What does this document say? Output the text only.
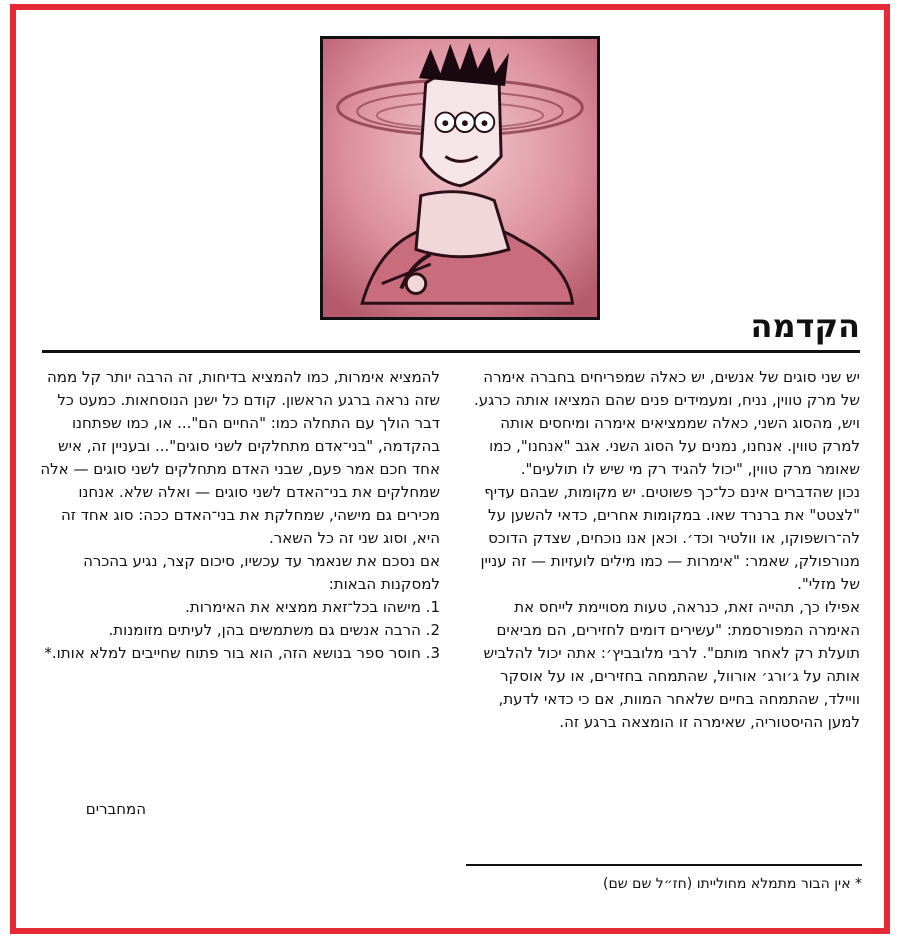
הקדמה

יש שני סוגים של אנשים, יש כאלה שמפריחים בחברה אימרה של מרק טווין, נניח, ומעמידים פנים שהם המציאו אותה כרגע.

ויש, מהסוג השני, כאלה שממציאים אימרה ומיחסים אותה למרק טווין. אנחנו, נמנים על הסוג השני. אגב "אנחנו", כמו שאומר מרק טווין, "יכול להגיד רק מי שיש לו תולעים".

נכון שהדברים אינם כל־כך פשוטים. יש מקומות, שבהם עדיף "לצטט" את ברנרד שאו. במקומות אחרים, כדאי להשען על לה־רושפוקו, או וולטיר וכד׳. וכאן אנו נוכחים, שצדק הדוכס מנורפולק, שאמר: "אימרות — כמו מילים לועזיות — זה עניין של מזלי".

אפילו כך, תהייה זאת, כנראה, טעות מסויימת לייחס את האימרה המפורסמת: "עשירים דומים לחזירים, הם מביאים תועלת רק לאחר מותם". לרבי מלובביץ׳: אתה יכול להלביש אותה על ג׳ורג׳ אורוול, שהתמחה בחזירים, או על אוסקר וויילד, שהתמחה בחיים שלאחר המוות, אם כי כדאי לדעת, למען ההיסטוריה, שאימרה זו הומצאה ברגע זה.

להמציא אימרות, כמו להמציא בדיחות, זה הרבה יותר קל ממה שזה נראה ברגע הראשון. קודם כל ישנן הנוסחאות. כמעט כל דבר הולך עם התחלה כמו: "החיים הם"... או, כמו שפתחנו בהקדמה, "בני־אדם מתחלקים לשני סוגים"... ובעניין זה, איש אחד חכם אמר פעם, שבני האדם מתחלקים לשני סוגים — אלה שמחלקים את בני־האדם לשני סוגים — ואלה שלא. אנחנו מכירים גם מישהי, שמחלקת את בני־האדם ככה: סוג אחד זה היא, וסוג שני זה כל השאר.

אם נסכם את שנאמר עד עכשיו, סיכום קצר, נגיע בהכרה למסקנות הבאות:

1. מישהו בכל־זאת ממציא את האימרות.
2. הרבה אנשים גם משתמשים בהן, לעיתים מזומנות.
3. חוסר ספר בנושא הזה, הוא בור פתוח שחייבים למלא אותו.*
המחברים
* אין הבור מתמלא מחולייתו (חז״ל שם שם)
